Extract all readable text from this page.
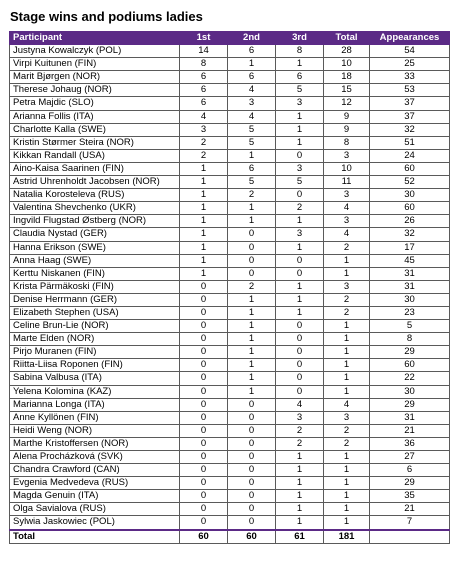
Stage wins and podiums ladies
Participant	1st	2nd	3rd	Total	Appearances
Justyna Kowalczyk (POL)	14	6	8	28	54
Virpi Kuitunen (FIN)	8	1	1	10	25
Marit Bjørgen (NOR)	6	6	6	18	33
Therese Johaug (NOR)	6	4	5	15	53
Petra Majdic (SLO)	6	3	3	12	37
Arianna Follis (ITA)	4	4	1	9	37
Charlotte Kalla (SWE)	3	5	1	9	32
Kristin Størmer Steira (NOR)	2	5	1	8	51
Kikkan Randall (USA)	2	1	0	3	24
Aino-Kaisa Saarinen (FIN)	1	6	3	10	60
Astrid Uhrenholdt Jacobsen (NOR)	1	5	5	11	52
Natalia Korosteleva (RUS)	1	2	0	3	30
Valentina Shevchenko (UKR)	1	1	2	4	60
Ingvild Flugstad Østberg (NOR)	1	1	1	3	26
Claudia Nystad (GER)	1	0	3	4	32
Hanna Erikson (SWE)	1	0	1	2	17
Anna Haag (SWE)	1	0	0	1	45
Kerttu Niskanen (FIN)	1	0	0	1	31
Krista Pärmäkoski (FIN)	0	2	1	3	31
Denise Herrmann (GER)	0	1	1	2	30
Elizabeth Stephen (USA)	0	1	1	2	23
Celine Brun-Lie (NOR)	0	1	0	1	5
Marte Elden (NOR)	0	1	0	1	8
Pirjo Muranen (FIN)	0	1	0	1	29
Riitta-Liisa Roponen (FIN)	0	1	0	1	60
Sabina Valbusa (ITA)	0	1	0	1	22
Yelena Kolomina (KAZ)	0	1	0	1	30
Marianna Longa (ITA)	0	0	4	4	29
Anne Kyllönen (FIN)	0	0	3	3	31
Heidi Weng (NOR)	0	0	2	2	21
Marthe Kristoffersen (NOR)	0	0	2	2	36
Alena Procházková (SVK)	0	0	1	1	27
Chandra Crawford (CAN)	0	0	1	1	6
Evgenia Medvedeva (RUS)	0	0	1	1	29
Magda Genuin (ITA)	0	0	1	1	35
Olga Savialova (RUS)	0	0	1	1	21
Sylwia Jaskowiec (POL)	0	0	1	1	7
Total	60	60	61	181	
